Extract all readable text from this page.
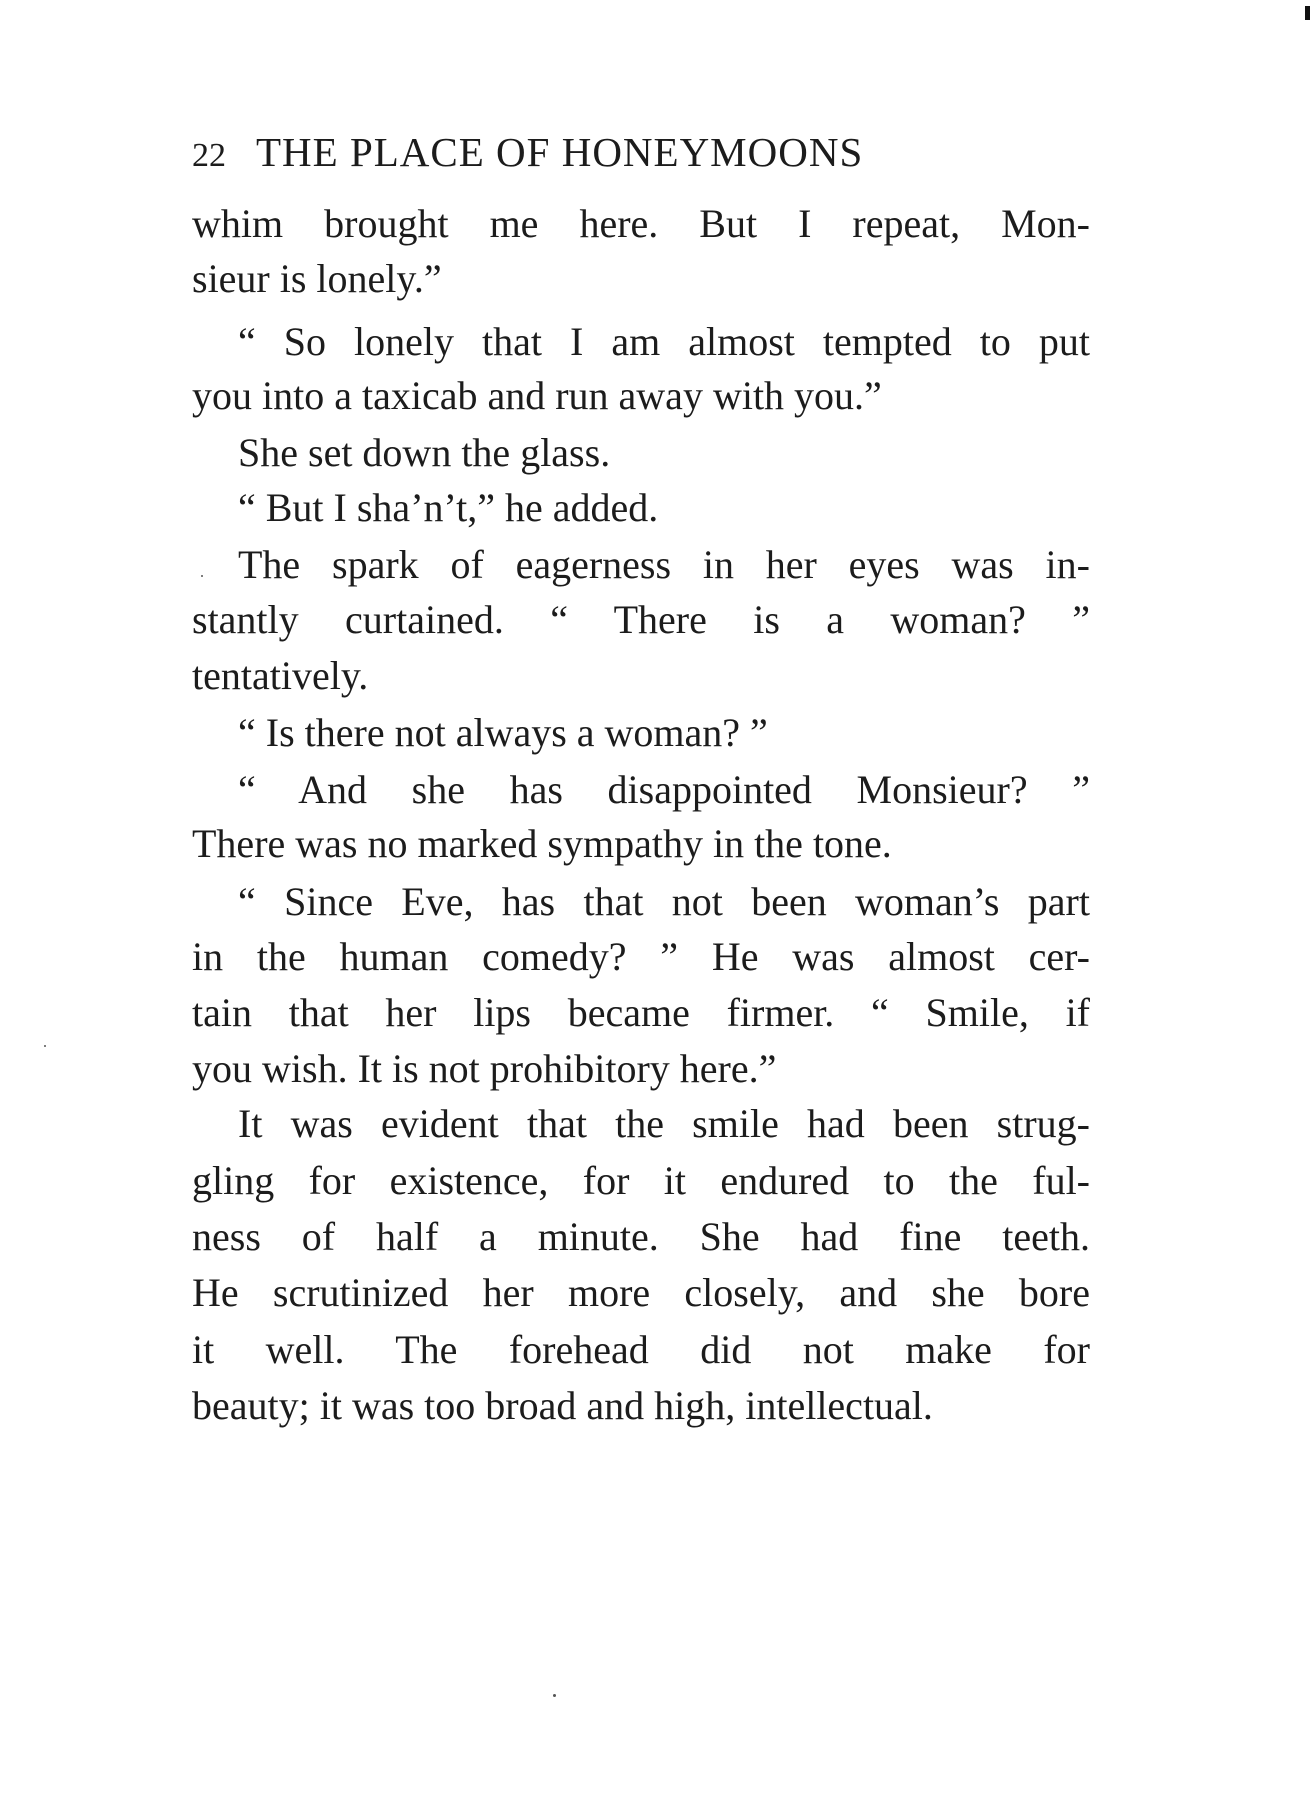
22 THE PLACE OF HONEYMOONS
whim brought me here. But I repeat, Mon-
sieur is lonely.”
“ So lonely that I am almost tempted to put
you into a taxicab and run away with you.”
She set down the glass.
“ But I sha’n’t,” he added.
The spark of eagerness in her eyes was in-
stantly curtained. “ There is a woman? ”
tentatively.
“ Is there not always a woman? ”
“ And she has disappointed Monsieur? ”
There was no marked sympathy in the tone.
“ Since Eve, has that not been woman’s part
in the human comedy? ” He was almost cer-
tain that her lips became firmer. “ Smile, if
you wish. It is not prohibitory here.”
It was evident that the smile had been strug-
gling for existence, for it endured to the ful-
ness of half a minute. She had fine teeth.
He scrutinized her more closely, and she bore
it well. The forehead did not make for
beauty; it was too broad and high, intellectual.
